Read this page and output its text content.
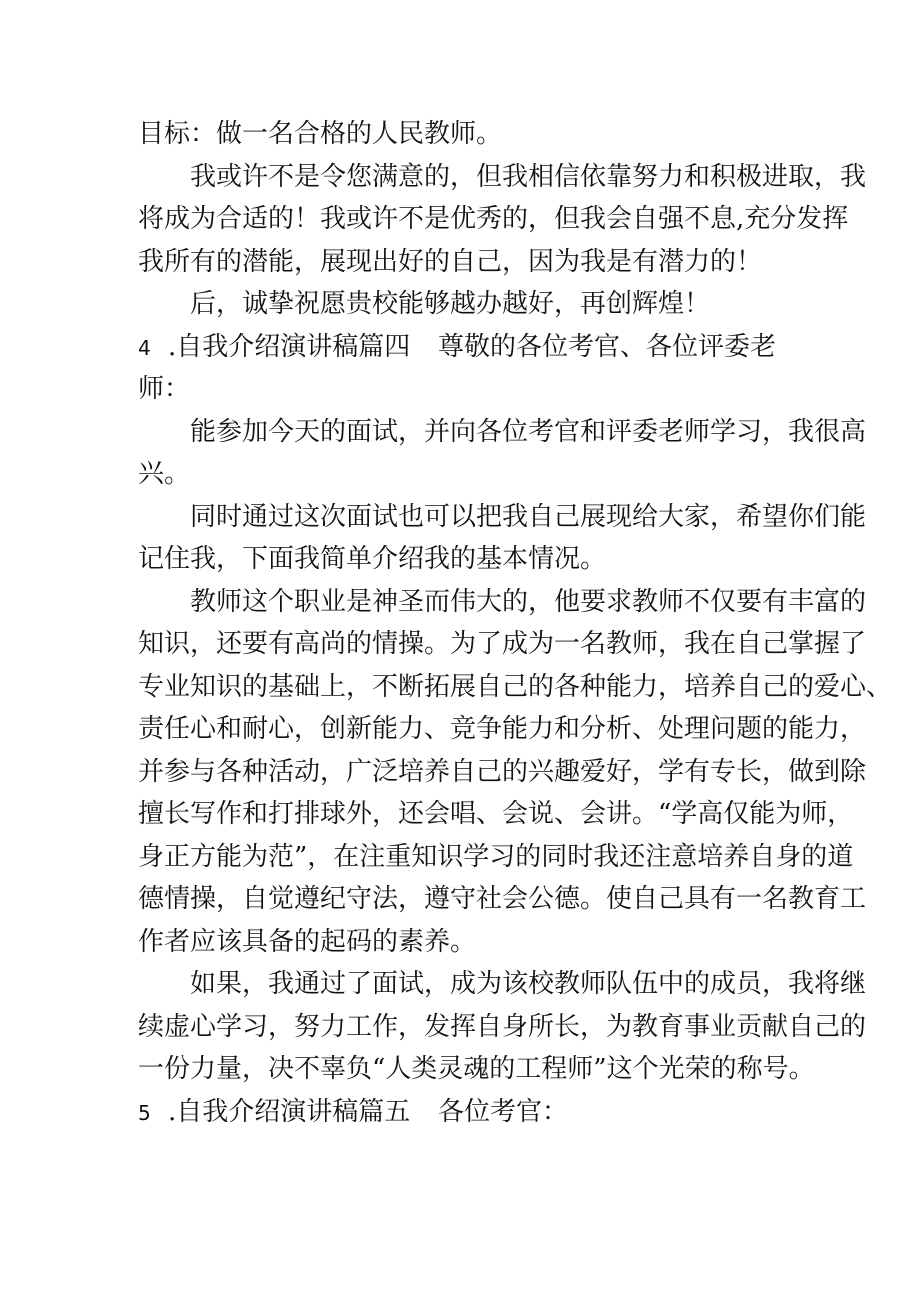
目标：做一名合格的人民教师。
我或许不是令您满意的，但我相信依靠努力和积极进取，我
将成为合适的！我或许不是优秀的，但我会自强不息,充分发挥
我所有的潜能，展现出好的自己，因为我是有潜力的！
后，诚挚祝愿贵校能够越办越好，再创辉煌！
4 .自我介绍演讲稿篇四 尊敬的各位考官、各位评委老
师：
能参加今天的面试，并向各位考官和评委老师学习，我很高
兴。
同时通过这次面试也可以把我自己展现给大家，希望你们能
记住我，下面我简单介绍我的基本情况。
教师这个职业是神圣而伟大的，他要求教师不仅要有丰富的
知识，还要有高尚的情操。为了成为一名教师，我在自己掌握了
专业知识的基础上，不断拓展自己的各种能力，培养自己的爱心、
责任心和耐心，创新能力、竞争能力和分析、处理问题的能力，
并参与各种活动，广泛培养自己的兴趣爱好，学有专长，做到除
擅长写作和打排球外，还会唱、会说、会讲。“学高仅能为师，
身正方能为范”，在注重知识学习的同时我还注意培养自身的道
德情操，自觉遵纪守法，遵守社会公德。使自己具有一名教育工
作者应该具备的起码的素养。
如果，我通过了面试，成为该校教师队伍中的成员，我将继
续虚心学习，努力工作，发挥自身所长，为教育事业贡献自己的
一份力量，决不辜负“人类灵魂的工程师”这个光荣的称号。
5 .自我介绍演讲稿篇五 各位考官：
